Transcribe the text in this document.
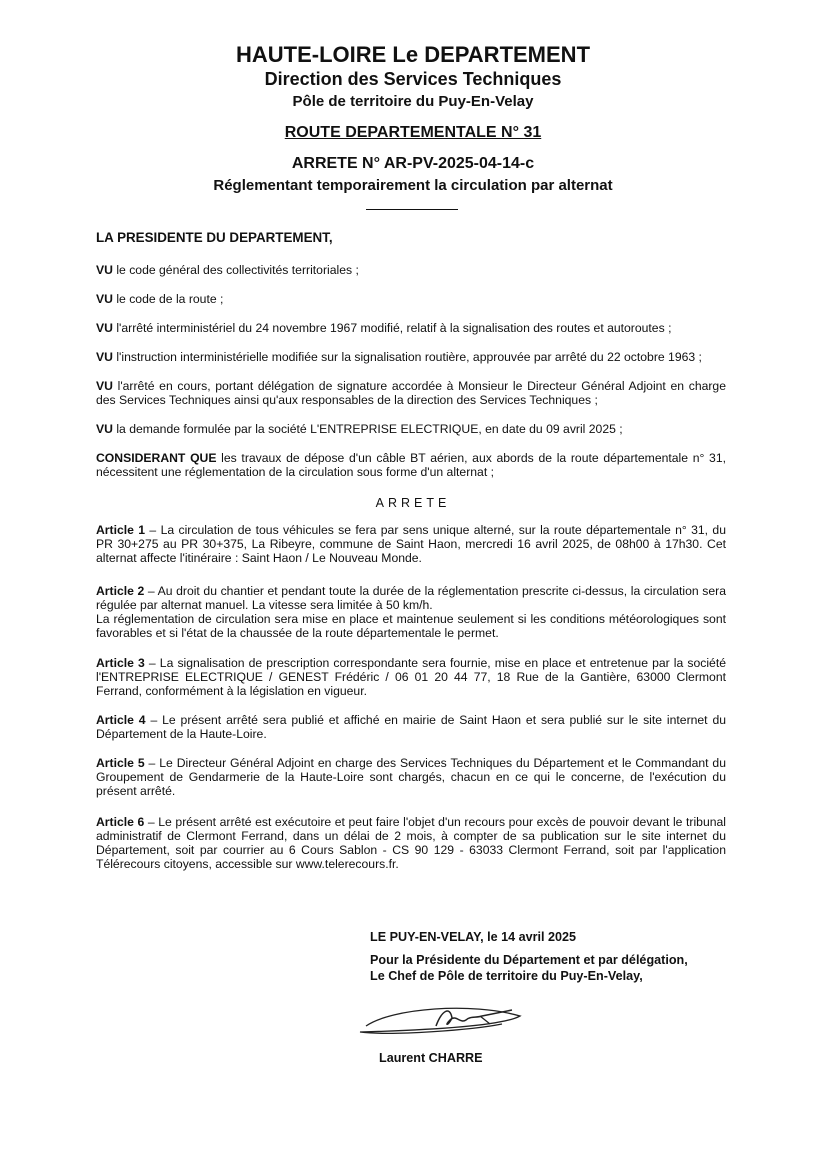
HAUTE-LOIRE Le DEPARTEMENT
Direction des Services Techniques
Pôle de territoire du Puy-En-Velay
ROUTE DEPARTEMENTALE N° 31
ARRETE N° AR-PV-2025-04-14-c
Réglementant temporairement la circulation par alternat
LA PRESIDENTE DU DEPARTEMENT,
VU le code général des collectivités territoriales ;
VU le code de la route ;
VU l'arrêté interministériel du 24 novembre 1967 modifié, relatif à la signalisation des routes et autoroutes ;
VU l'instruction interministérielle modifiée sur la signalisation routière, approuvée par arrêté du 22 octobre 1963 ;
VU l'arrêté en cours, portant délégation de signature accordée à Monsieur le Directeur Général Adjoint en charge des Services Techniques ainsi qu'aux responsables de la direction des Services Techniques ;
VU la demande formulée par la société L'ENTREPRISE ELECTRIQUE, en date du 09 avril 2025 ;
CONSIDERANT QUE les travaux de dépose d'un câble BT aérien, aux abords de la route départementale n° 31, nécessitent une réglementation de la circulation sous forme d'un alternat ;
ARRETE
Article 1 – La circulation de tous véhicules se fera par sens unique alterné, sur la route départementale n° 31, du PR 30+275 au PR 30+375, La Ribeyre, commune de Saint Haon, mercredi 16 avril 2025, de 08h00 à 17h30. Cet alternat affecte l'itinéraire : Saint Haon / Le Nouveau Monde.
Article 2 – Au droit du chantier et pendant toute la durée de la réglementation prescrite ci-dessus, la circulation sera régulée par alternat manuel. La vitesse sera limitée à 50 km/h.
La réglementation de circulation sera mise en place et maintenue seulement si les conditions météorologiques sont favorables et si l'état de la chaussée de la route départementale le permet.
Article 3 – La signalisation de prescription correspondante sera fournie, mise en place et entretenue par la société l'ENTREPRISE ELECTRIQUE / GENEST Frédéric / 06 01 20 44 77, 18 Rue de la Gantière, 63000 Clermont Ferrand, conformément à la législation en vigueur.
Article 4 – Le présent arrêté sera publié et affiché en mairie de Saint Haon et sera publié sur le site internet du Département de la Haute-Loire.
Article 5 – Le Directeur Général Adjoint en charge des Services Techniques du Département et le Commandant du Groupement de Gendarmerie de la Haute-Loire sont chargés, chacun en ce qui le concerne, de l'exécution du présent arrêté.
Article 6 – Le présent arrêté est exécutoire et peut faire l'objet d'un recours pour excès de pouvoir devant le tribunal administratif de Clermont Ferrand, dans un délai de 2 mois, à compter de sa publication sur le site internet du Département, soit par courrier au 6 Cours Sablon - CS 90 129 - 63033 Clermont Ferrand, soit par l'application Télérecours citoyens, accessible sur www.telerecours.fr.
LE PUY-EN-VELAY, le 14 avril 2025
Pour la Présidente du Département et par délégation,
Le Chef de Pôle de territoire du Puy-En-Velay,
Laurent CHARRE
